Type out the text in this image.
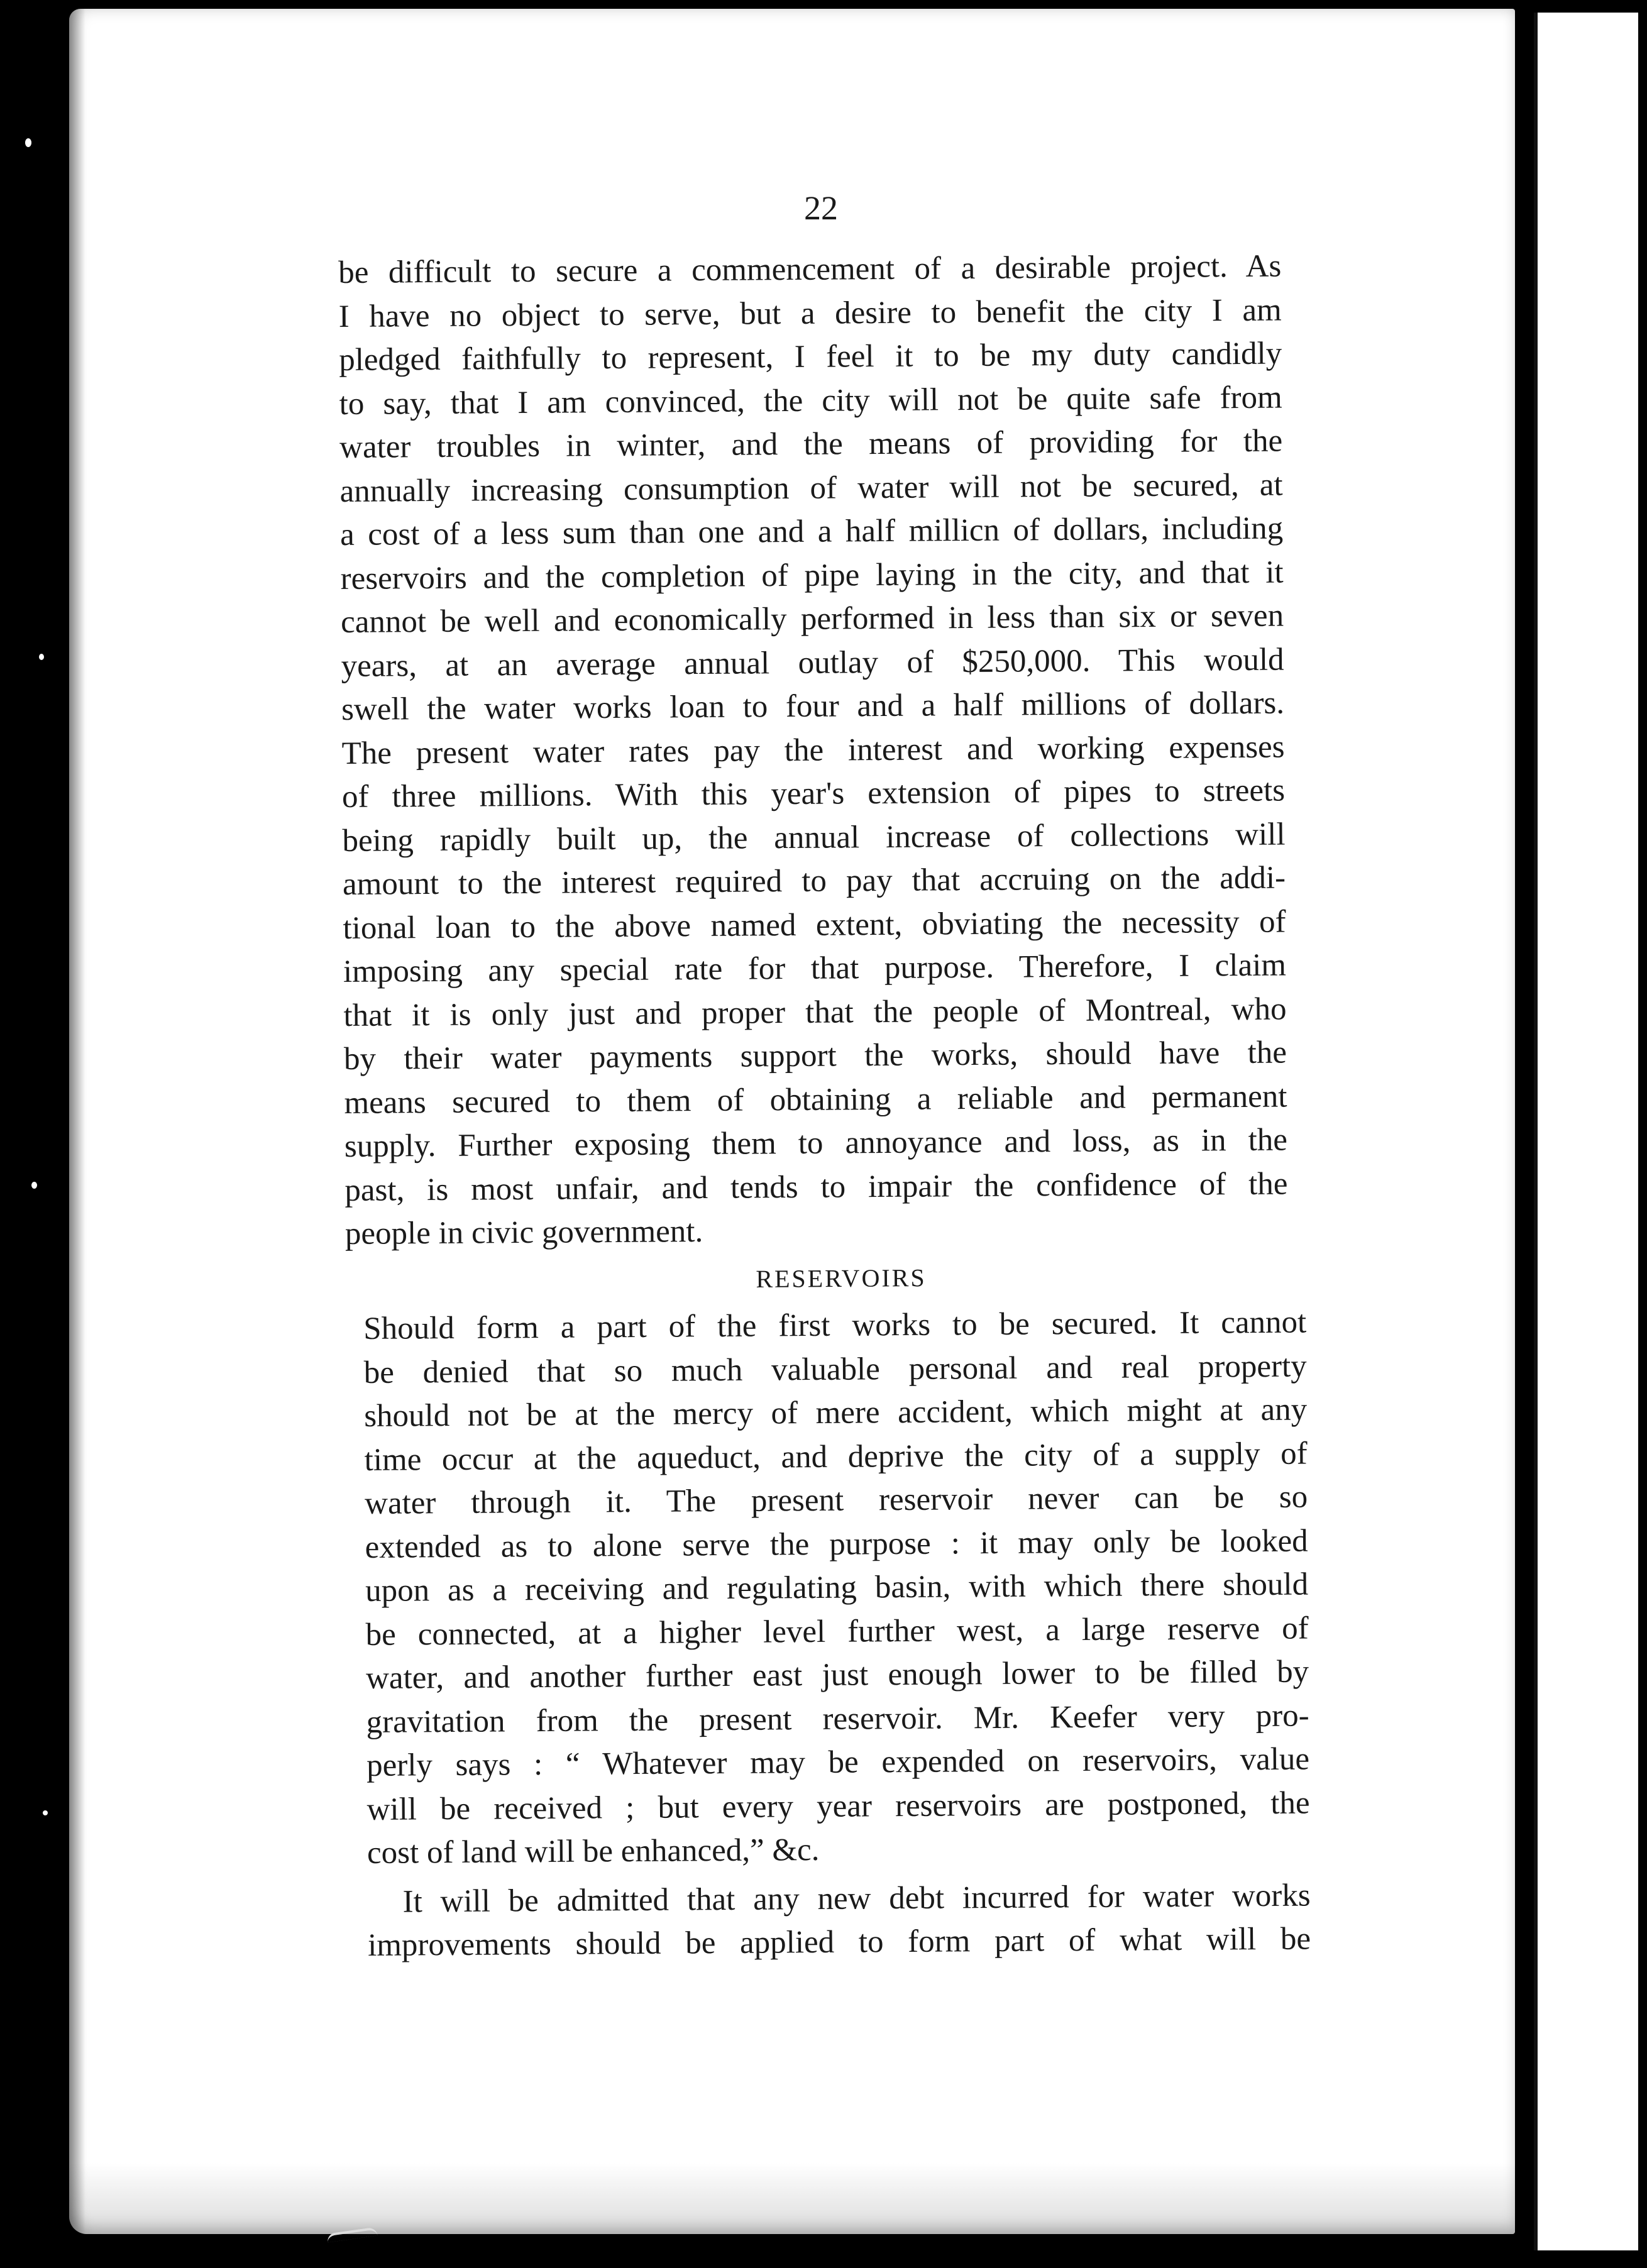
22
be difficult to secure a commencement of a desirable project. As
I have no object to serve, but a desire to benefit the city I am
pledged faithfully to represent, I feel it to be my duty candidly
to say, that I am convinced, the city will not be quite safe from
water troubles in winter, and the means of providing for the
annually increasing consumption of water will not be secured, at
a cost of a less sum than one and a half millicn of dollars, including
reservoirs and the completion of pipe laying in the city, and that it
cannot be well and economically performed in less than six or seven
years, at an average annual outlay of $250,000. This would
swell the water works loan to four and a half millions of dollars.
The present water rates pay the interest and working expenses
of three millions. With this year's extension of pipes to streets
being rapidly built up, the annual increase of collections will
amount to the interest required to pay that accruing on the addi-
tional loan to the above named extent, obviating the necessity of
imposing any special rate for that purpose. Therefore, I claim
that it is only just and proper that the people of Montreal, who
by their water payments support the works, should have the
means secured to them of obtaining a reliable and permanent
supply. Further exposing them to annoyance and loss, as in the
past, is most unfair, and tends to impair the confidence of the
people in civic government.
RESERVOIRS
Should form a part of the first works to be secured. It cannot
be denied that so much valuable personal and real property
should not be at the mercy of mere accident, which might at any
time occur at the aqueduct, and deprive the city of a supply of
water through it. The present reservoir never can be so
extended as to alone serve the purpose : it may only be looked
upon as a receiving and regulating basin, with which there should
be connected, at a higher level further west, a large reserve of
water, and another further east just enough lower to be filled by
gravitation from the present reservoir. Mr. Keefer very pro-
perly says : “ Whatever may be expended on reservoirs, value
will be received ; but every year reservoirs are postponed, the
cost of land will be enhanced,” &c.
It will be admitted that any new debt incurred for water works
improvements should be applied to form part of what will be
